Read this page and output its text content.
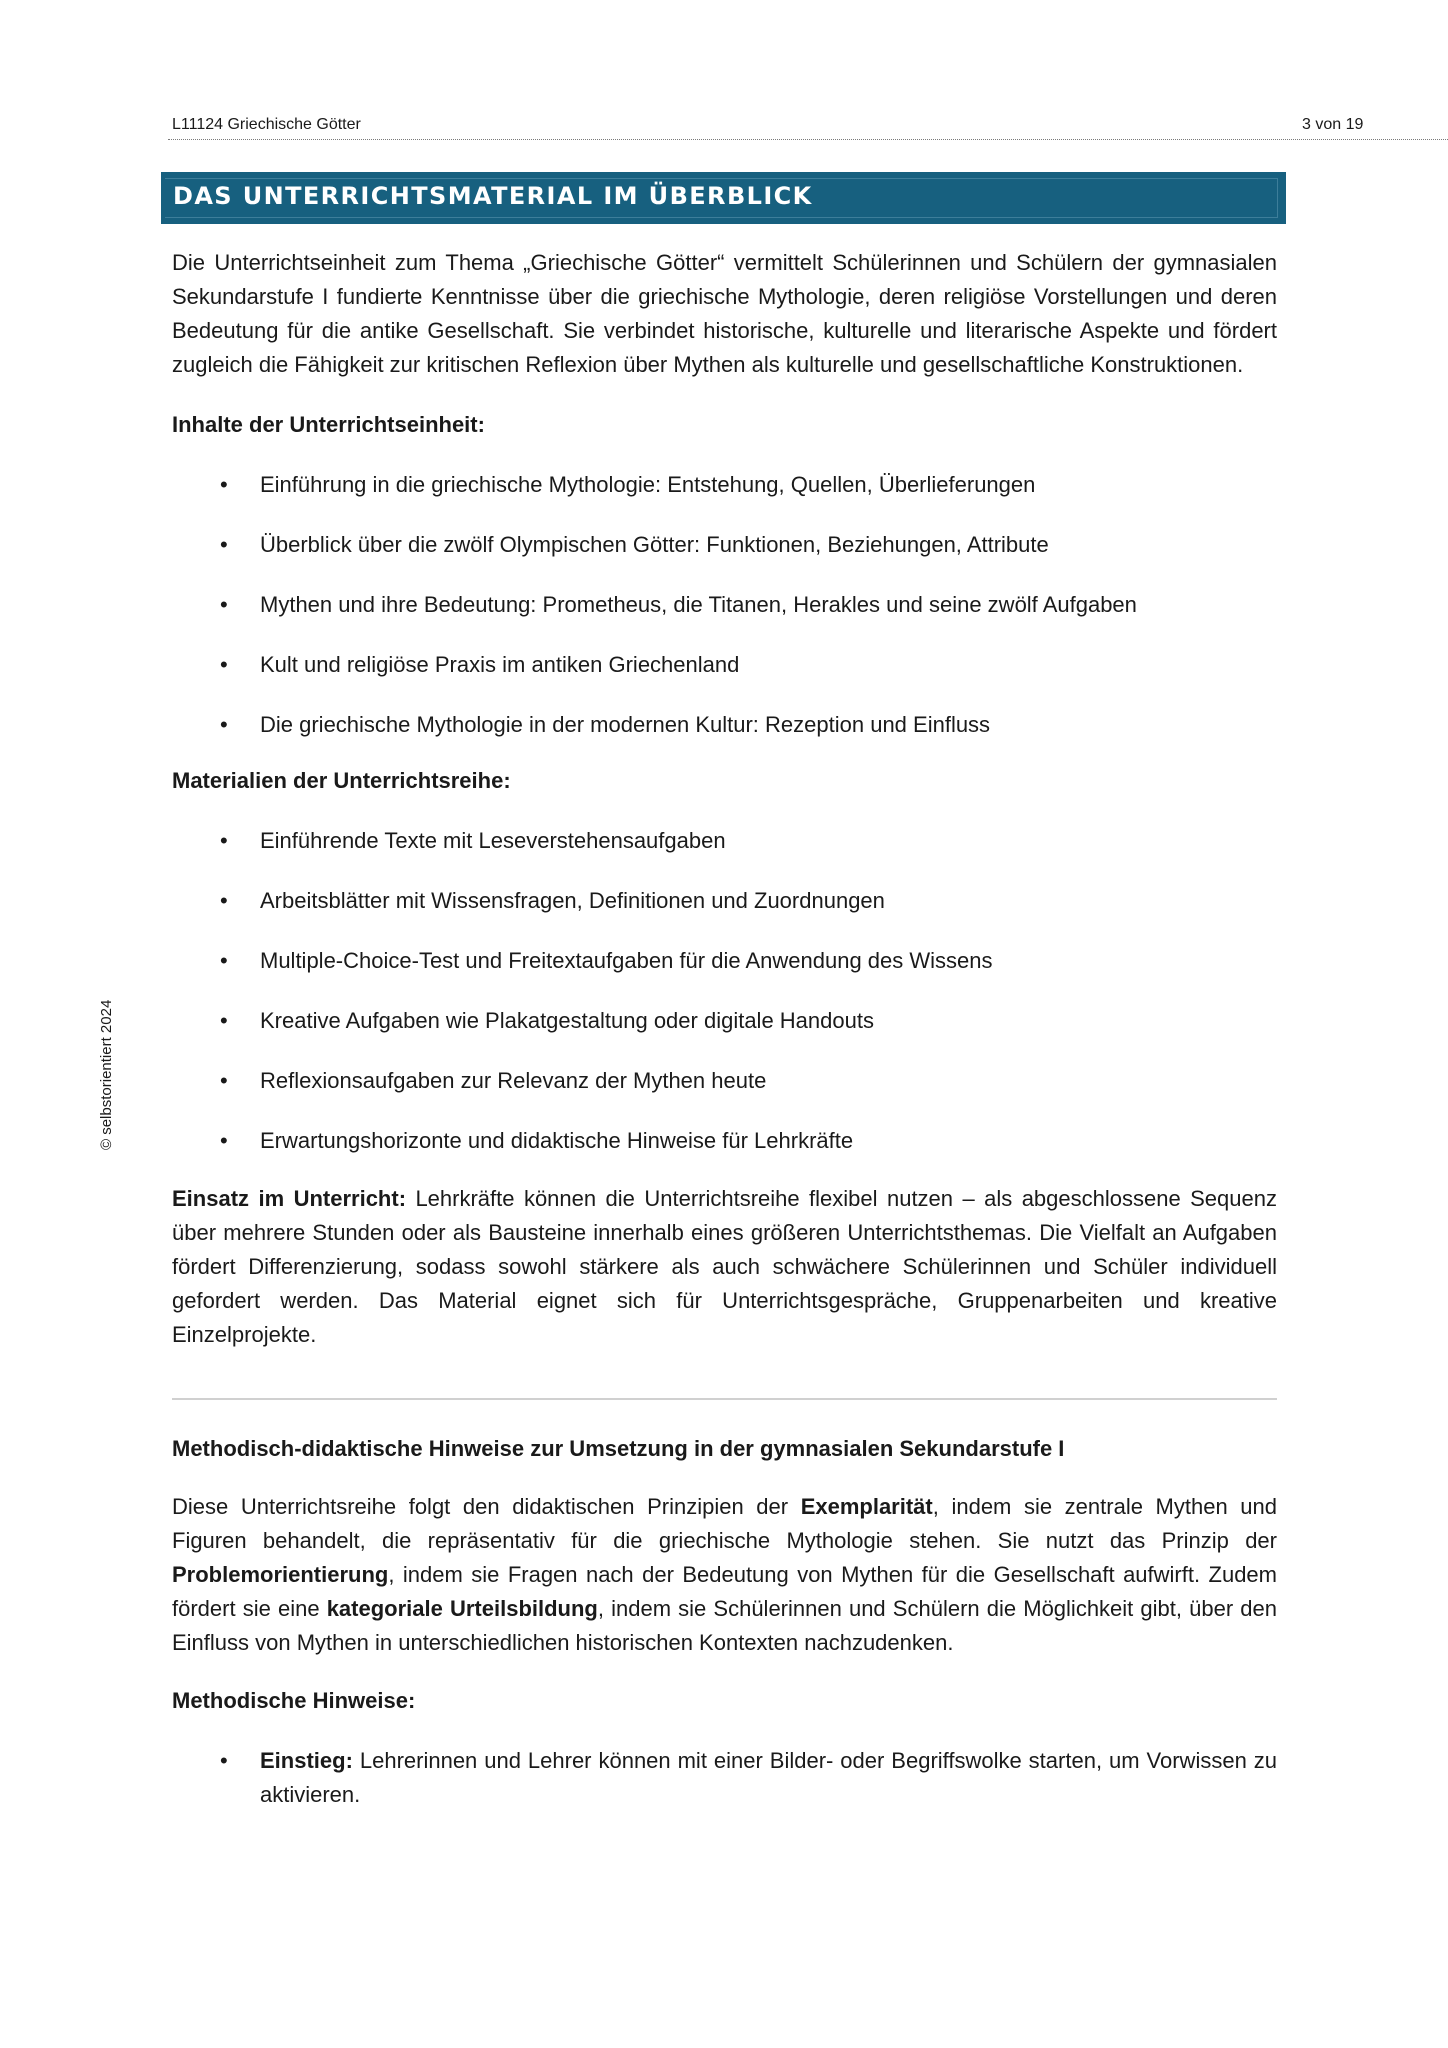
L11124 Griechische Götter	3 von 19
DAS UNTERRICHTSMATERIAL IM ÜBERBLICK
© selbstorientiert 2024

Die Unterrichtseinheit zum Thema „Griechische Götter“ vermittelt Schülerinnen und Schülern der gymnasialen Sekundarstufe I fundierte Kenntnisse über die griechische Mythologie, deren religiöse Vorstellungen und deren Bedeutung für die antike Gesellschaft. Sie verbindet historische, kulturelle und literarische Aspekte und fördert zugleich die Fähigkeit zur kritischen Reflexion über Mythen als kulturelle und gesellschaftliche Konstruktionen.

Inhalte der Unterrichtseinheit:

• Einführung in die griechische Mythologie: Entstehung, Quellen, Überlieferungen
• Überblick über die zwölf Olympischen Götter: Funktionen, Beziehungen, Attribute
• Mythen und ihre Bedeutung: Prometheus, die Titanen, Herakles und seine zwölf Aufgaben
• Kult und religiöse Praxis im antiken Griechenland
• Die griechische Mythologie in der modernen Kultur: Rezeption und Einfluss

Materialien der Unterrichtsreihe:

• Einführende Texte mit Leseverstehensaufgaben
• Arbeitsblätter mit Wissensfragen, Definitionen und Zuordnungen
• Multiple-Choice-Test und Freitextaufgaben für die Anwendung des Wissens
• Kreative Aufgaben wie Plakatgestaltung oder digitale Handouts
• Reflexionsaufgaben zur Relevanz der Mythen heute
• Erwartungshorizonte und didaktische Hinweise für Lehrkräfte

Einsatz im Unterricht: Lehrkräfte können die Unterrichtsreihe flexibel nutzen – als abgeschlossene Sequenz über mehrere Stunden oder als Bausteine innerhalb eines größeren Unterrichtsthemas. Die Vielfalt an Aufgaben fördert Differenzierung, sodass sowohl stärkere als auch schwächere Schülerinnen und Schüler individuell gefordert werden. Das Material eignet sich für Unterrichtsgespräche, Gruppenarbeiten und kreative Einzelprojekte.

Methodisch-didaktische Hinweise zur Umsetzung in der gymnasialen Sekundarstufe I

Diese Unterrichtsreihe folgt den didaktischen Prinzipien der Exemplarität, indem sie zentrale Mythen und Figuren behandelt, die repräsentativ für die griechische Mythologie stehen. Sie nutzt das Prinzip der Problemorientierung, indem sie Fragen nach der Bedeutung von Mythen für die Gesellschaft aufwirft. Zudem fördert sie eine kategoriale Urteilsbildung, indem sie Schülerinnen und Schülern die Möglichkeit gibt, über den Einfluss von Mythen in unterschiedlichen historischen Kontexten nachzudenken.

Methodische Hinweise:

• Einstieg: Lehrerinnen und Lehrer können mit einer Bilder- oder Begriffswolke starten, um Vorwissen zu aktivieren.
